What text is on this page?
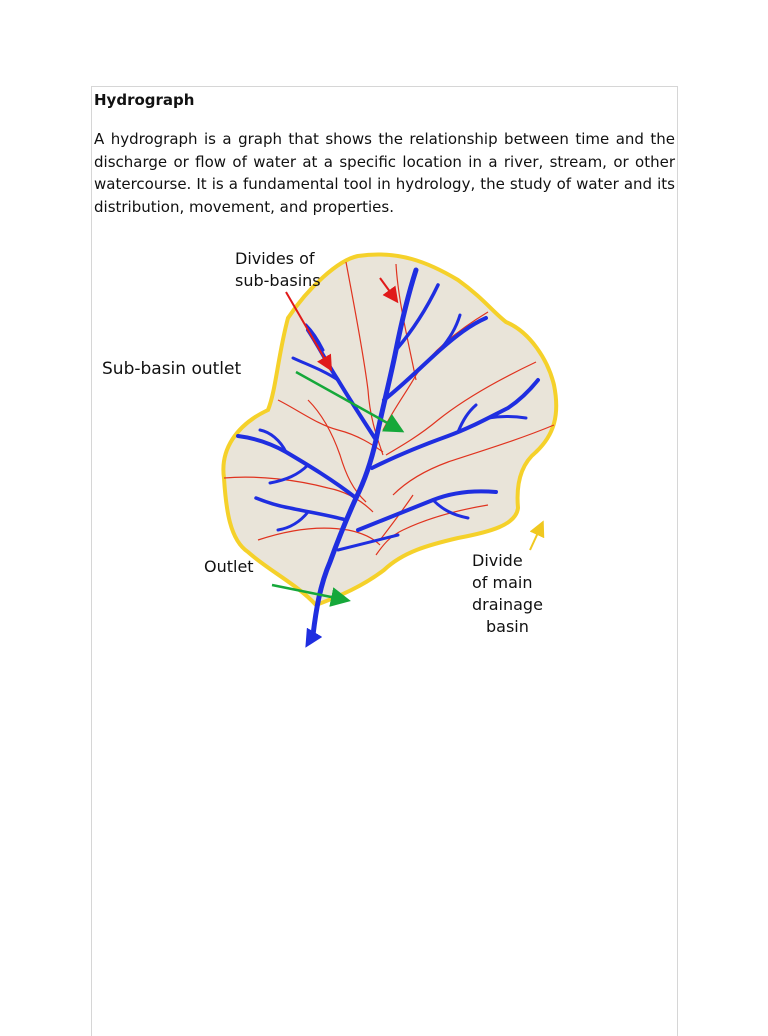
Hydrograph

A hydrograph is a graph that shows the relationship between time and the discharge or flow of water at a specific location in a river, stream, or other watercourse. It is a fundamental tool in hydrology, the study of water and its distribution, movement, and properties.

Divides of
sub-basins
Sub-basin outlet
Outlet	Divide
of main
drainage
basin
